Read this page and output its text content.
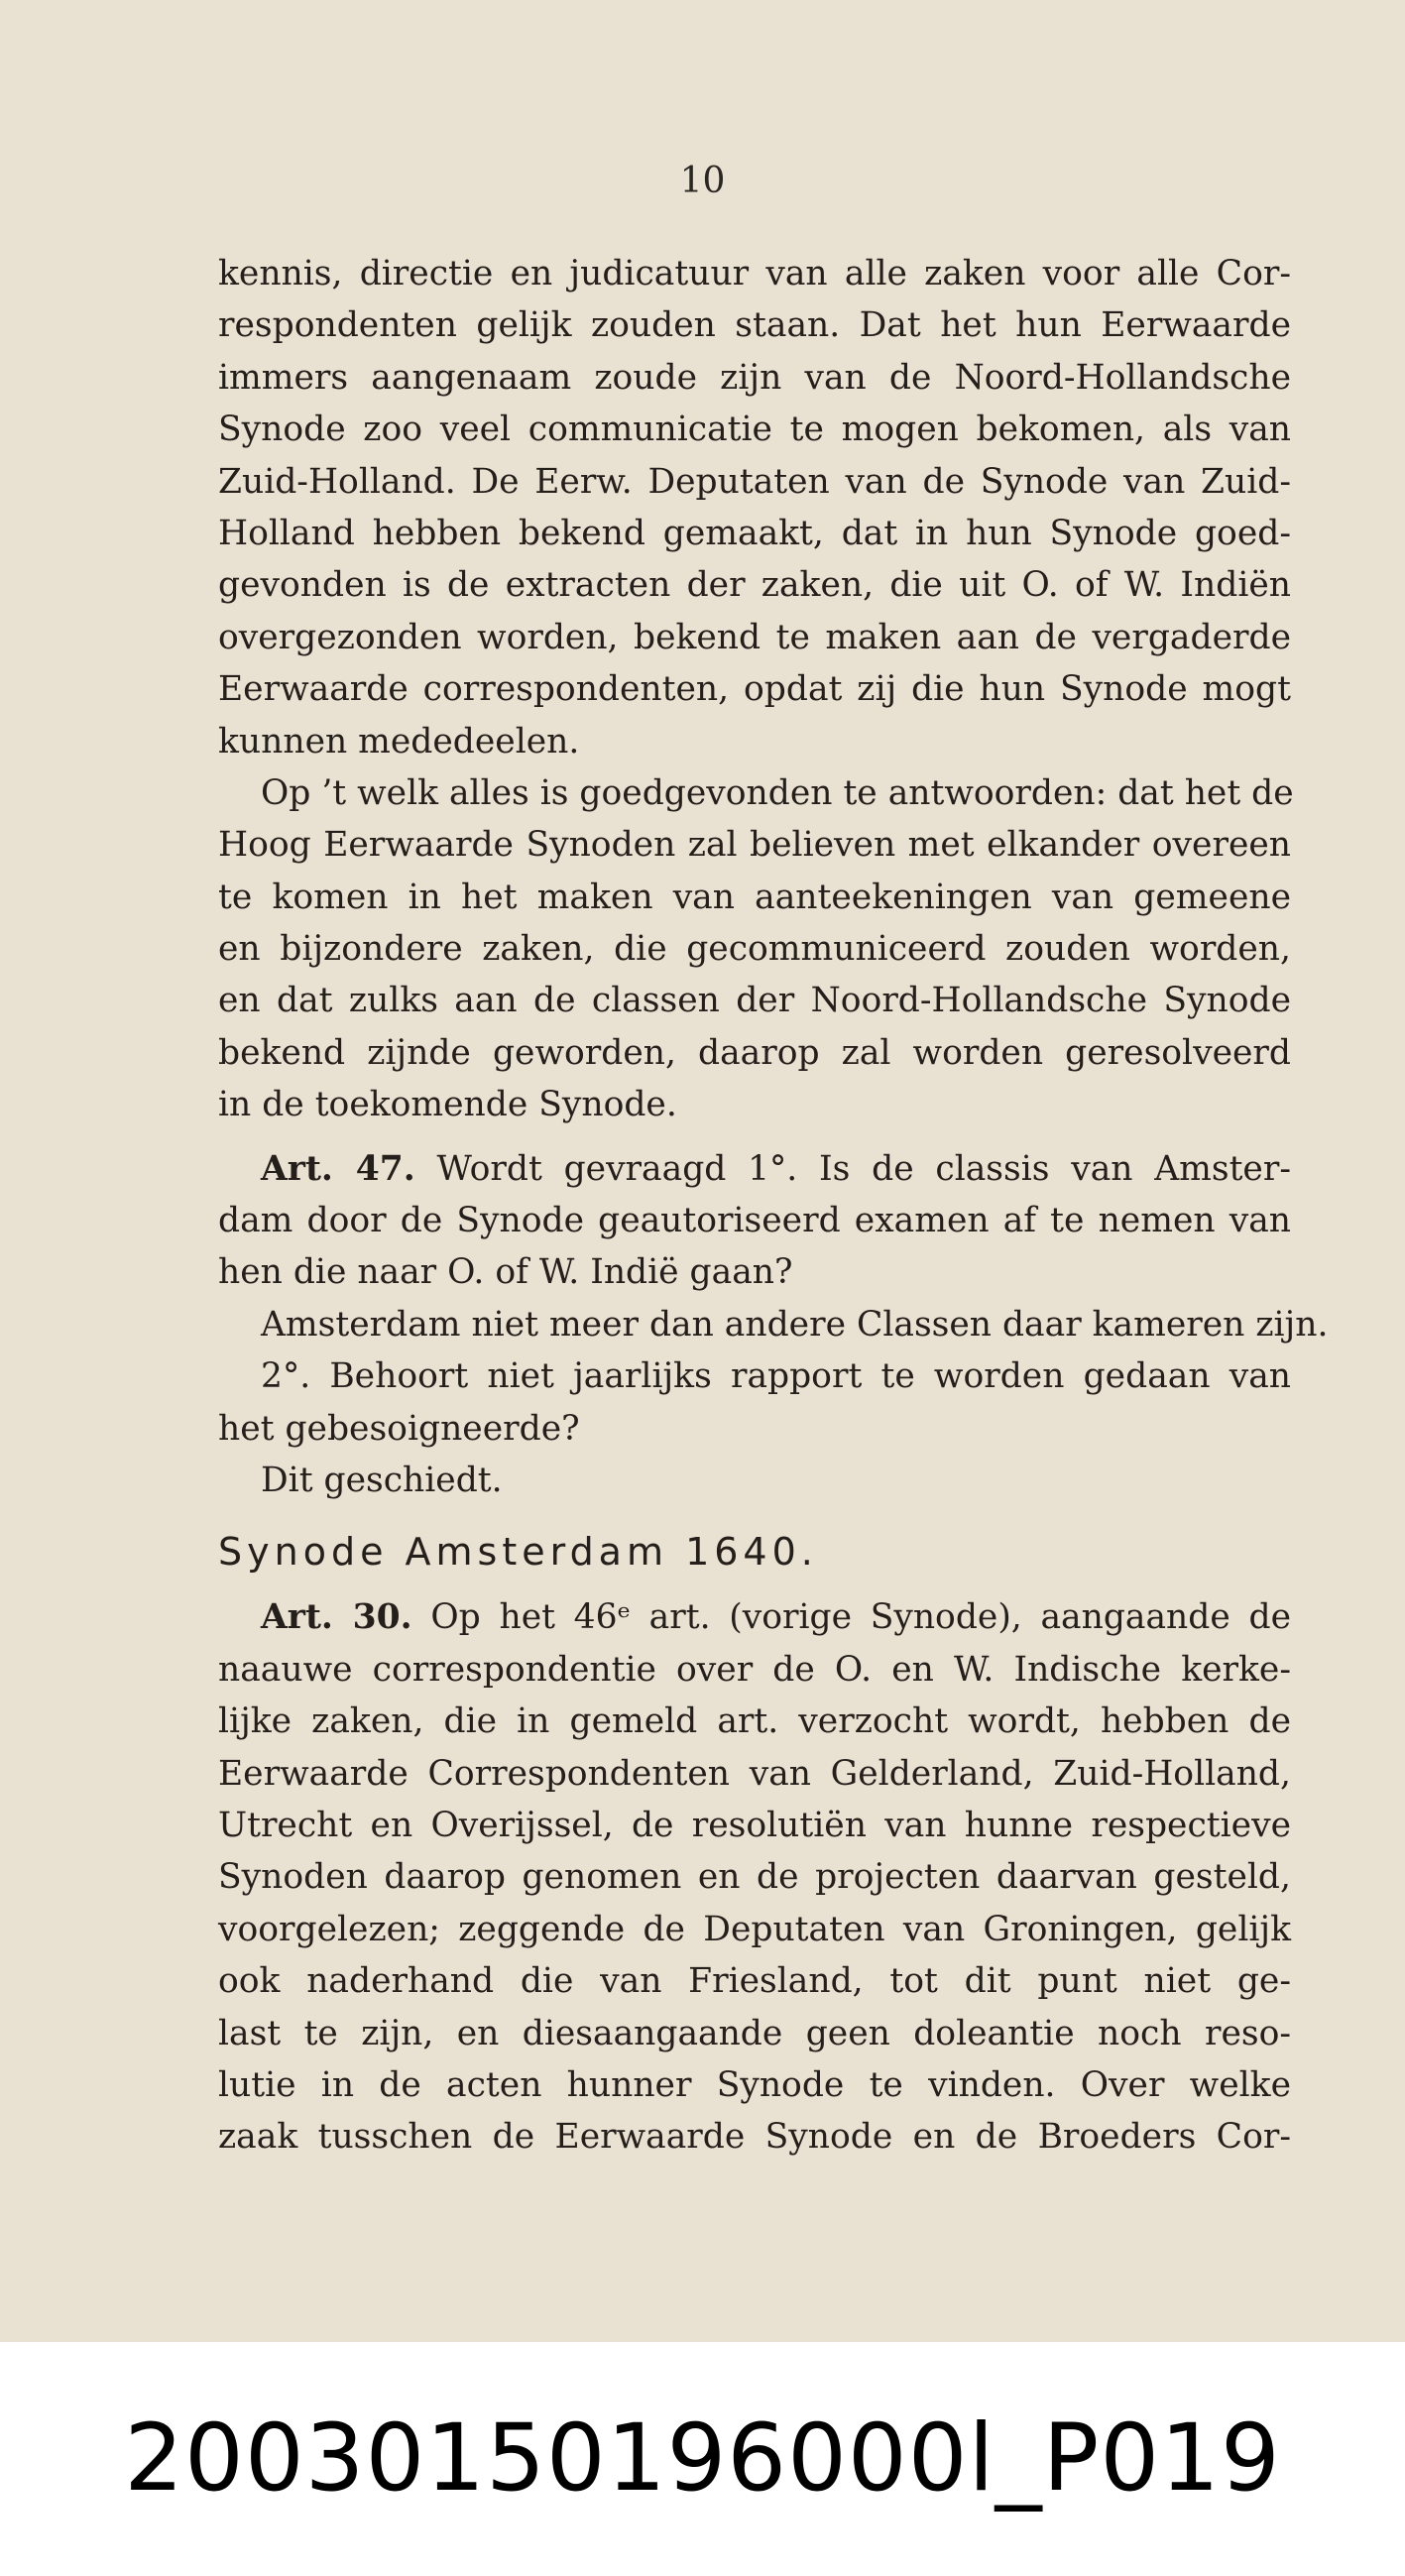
10
kennis, directie en judicatuur van alle zaken voor alle Cor-
respondenten gelijk zouden staan. Dat het hun Eerwaarde
immers aangenaam zoude zijn van de Noord-Hollandsche
Synode zoo veel communicatie te mogen bekomen, als van
Zuid-Holland. De Eerw. Deputaten van de Synode van Zuid-
Holland hebben bekend gemaakt, dat in hun Synode goed-
gevonden is de extracten der zaken, die uit O. of W. Indiën
overgezonden worden, bekend te maken aan de vergaderde
Eerwaarde correspondenten, opdat zij die hun Synode mogt
kunnen mededeelen.
Op ’t welk alles is goedgevonden te antwoorden: dat het de
Hoog Eerwaarde Synoden zal believen met elkander overeen
te komen in het maken van aanteekeningen van gemeene
en bijzondere zaken, die gecommuniceerd zouden worden,
en dat zulks aan de classen der Noord-Hollandsche Synode
bekend zijnde geworden, daarop zal worden geresolveerd
in de toekomende Synode.
Art. 47. Wordt gevraagd 1°. Is de classis van Amster-
dam door de Synode geautoriseerd examen af te nemen van
hen die naar O. of W. Indië gaan?
Amsterdam niet meer dan andere Classen daar kameren zijn.
2°. Behoort niet jaarlijks rapport te worden gedaan van
het gebesoigneerde?
Dit geschiedt.
Synode Amsterdam 1640.
Art. 30. Op het 46ᵉ art. (vorige Synode), aangaande de
naauwe correspondentie over de O. en W. Indische kerke-
lijke zaken, die in gemeld art. verzocht wordt, hebben de
Eerwaarde Correspondenten van Gelderland, Zuid-Holland,
Utrecht en Overijssel, de resolutiën van hunne respectieve
Synoden daarop genomen en de projecten daarvan gesteld,
voorgelezen; zeggende de Deputaten van Groningen, gelijk
ook naderhand die van Friesland, tot dit punt niet ge-
last te zijn, en diesaangaande geen doleantie noch reso-
lutie in de acten hunner Synode te vinden. Over welke
zaak tusschen de Eerwaarde Synode en de Broeders Cor-
20030150196000l_P019
